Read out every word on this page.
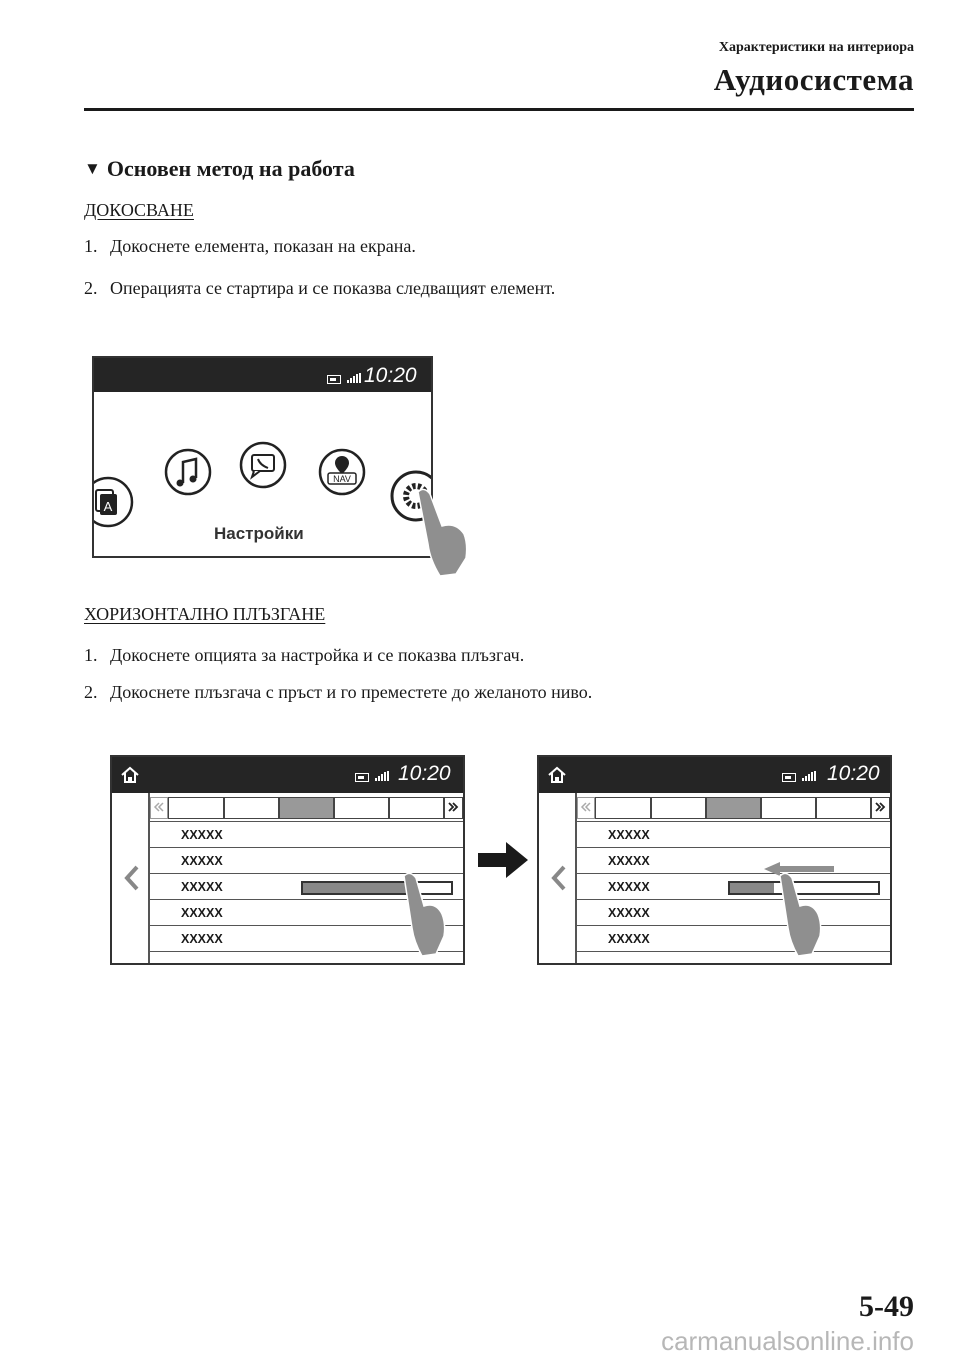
Характеристики на интериора
Аудиосистема
▼ Основен метод на работа
ДОКОСВАНЕ
1. Докоснете елемента, показан на екрана.
2. Операцията се стартира и се показва следващият елемент.
10:20
A
NAV
Настройки
ХОРИЗОНТАЛНО ПЛЪЗГАНЕ
1. Докоснете опцията за настройка и се показва плъзгач.
2. Докоснете плъзгача с пръст и го преместете до желаното ниво.
10:20
XXXXX
XXXXX
XXXXX
XXXXX
XXXXX
10:20
XXXXX
XXXXX
XXXXX
XXXXX
XXXXX
5-49
carmanualsonline.info
